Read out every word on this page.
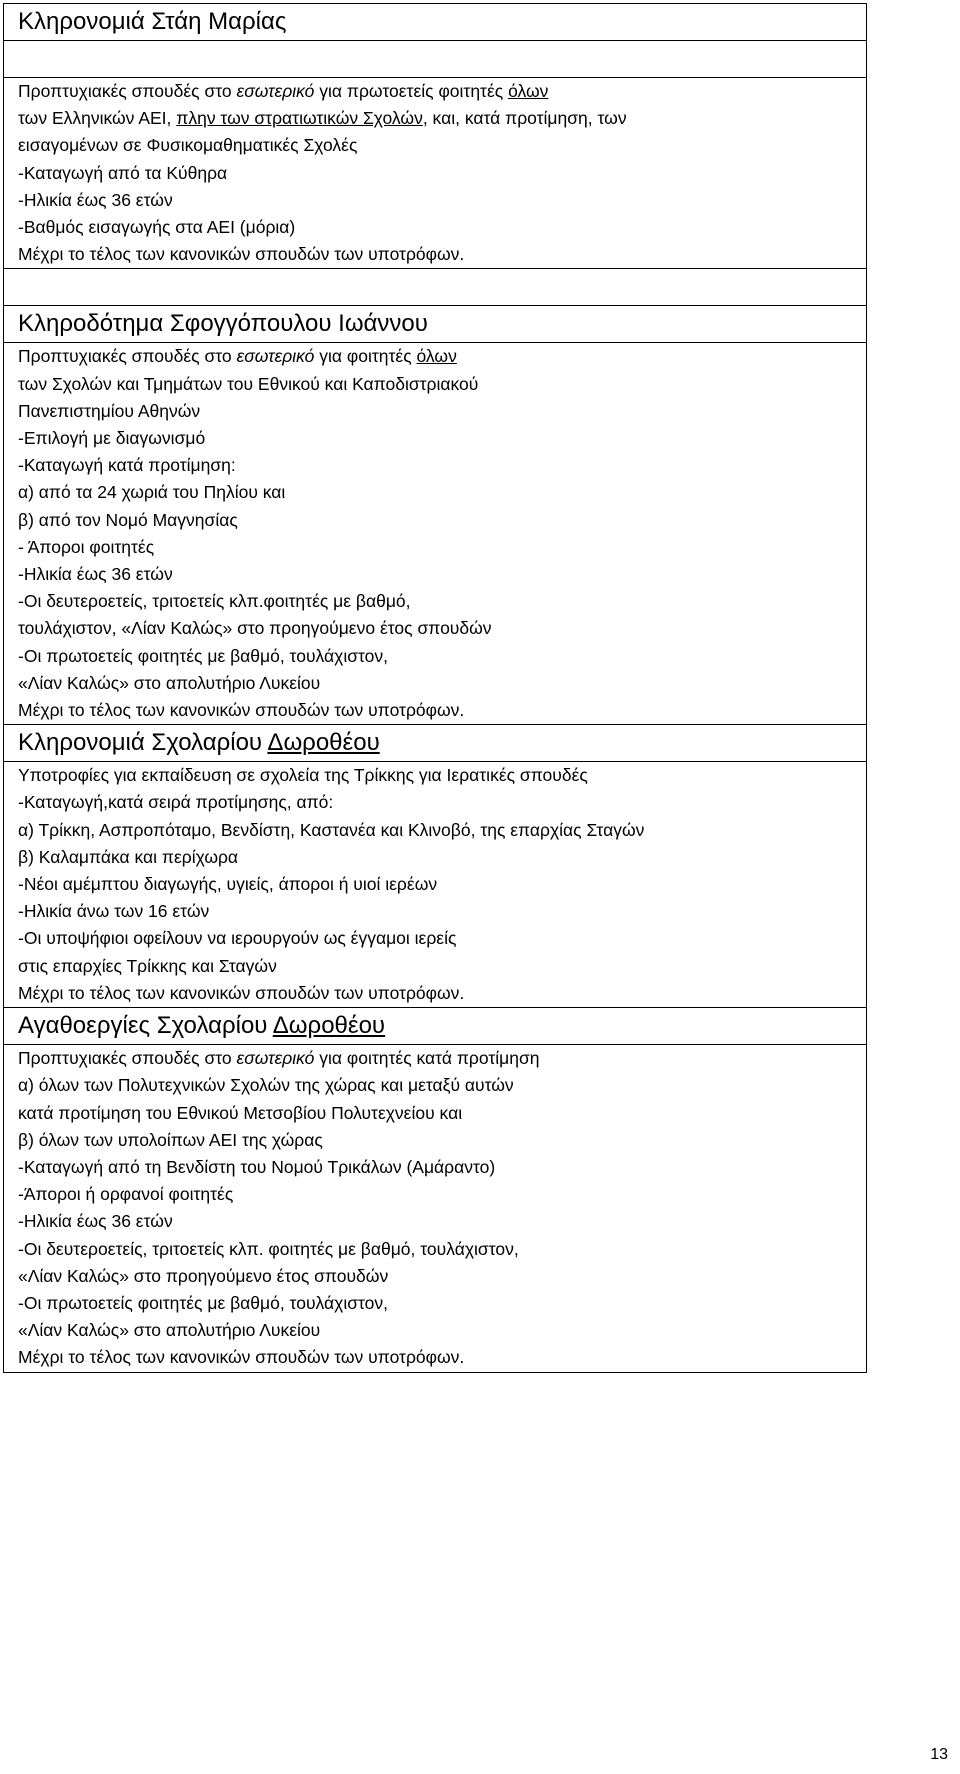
Κληρονομιά Στάη Μαρίας

Προπτυχιακές σπουδές στο εσωτερικό για πρωτοετείς φοιτητές όλων
των Ελληνικών ΑΕΙ, πλην των στρατιωτικών Σχολών, και, κατά προτίμηση, των
εισαγομένων σε Φυσικομαθηματικές Σχολές
-Καταγωγή από τα Κύθηρα
-Ηλικία έως 36 ετών
-Βαθμός εισαγωγής στα ΑΕΙ (μόρια)
Μέχρι το τέλος των κανονικών σπουδών των υποτρόφων.

Κληροδότημα Σφογγόπουλου Ιωάννου

Προπτυχιακές σπουδές στο εσωτερικό για φοιτητές όλων
των Σχολών και Τμημάτων του Εθνικού και Καποδιστριακού
Πανεπιστημίου Αθηνών
-Επιλογή με διαγωνισμό
-Καταγωγή κατά προτίμηση:
α) από τα 24 χωριά του Πηλίου και
β) από τον Νομό Μαγνησίας
- Άποροι φοιτητές
-Ηλικία έως 36 ετών
-Οι δευτεροετείς, τριτοετείς κλπ.φοιτητές με βαθμό,
τουλάχιστον, «Λίαν Καλώς» στο προηγούμενο έτος σπουδών
-Οι πρωτοετείς φοιτητές με βαθμό, τουλάχιστον,
«Λίαν Καλώς» στο απολυτήριο Λυκείου
Μέχρι το τέλος των κανονικών σπουδών των υποτρόφων.

Κληρονομιά Σχολαρίου Δωροθέου

Υποτροφίες για εκπαίδευση σε σχολεία της Τρίκκης για Ιερατικές σπουδές
-Καταγωγή,κατά σειρά προτίμησης, από:
α) Τρίκκη, Ασπροπόταμο, Βενδίστη, Καστανέα και Κλινοβό, της επαρχίας Σταγών
β) Καλαμπάκα και περίχωρα
-Νέοι αμέμπτου διαγωγής, υγιείς, άποροι ή υιοί ιερέων
-Ηλικία άνω των 16 ετών
-Οι υποψήφιοι οφείλουν να ιερουργούν ως έγγαμοι ιερείς
στις επαρχίες Τρίκκης και Σταγών
Μέχρι το τέλος των κανονικών σπουδών των υποτρόφων.

Αγαθοεργίες Σχολαρίου Δωροθέου

Προπτυχιακές σπουδές στο εσωτερικό για φοιτητές κατά προτίμηση
α) όλων των Πολυτεχνικών Σχολών της χώρας και μεταξύ αυτών
κατά προτίμηση του Εθνικού Μετσοβίου Πολυτεχνείου και
β) όλων των υπολοίπων ΑΕΙ της χώρας
-Καταγωγή από τη Βενδίστη του Νομού Τρικάλων (Αμάραντο)
-Άποροι ή ορφανοί φοιτητές
-Ηλικία έως 36 ετών
-Οι δευτεροετείς, τριτοετείς κλπ. φοιτητές με βαθμό, τουλάχιστον,
«Λίαν Καλώς» στο προηγούμενο έτος σπουδών
-Οι πρωτοετείς φοιτητές με βαθμό, τουλάχιστον,
«Λίαν Καλώς» στο απολυτήριο Λυκείου
Μέχρι το τέλος των κανονικών σπουδών των υποτρόφων.
13
